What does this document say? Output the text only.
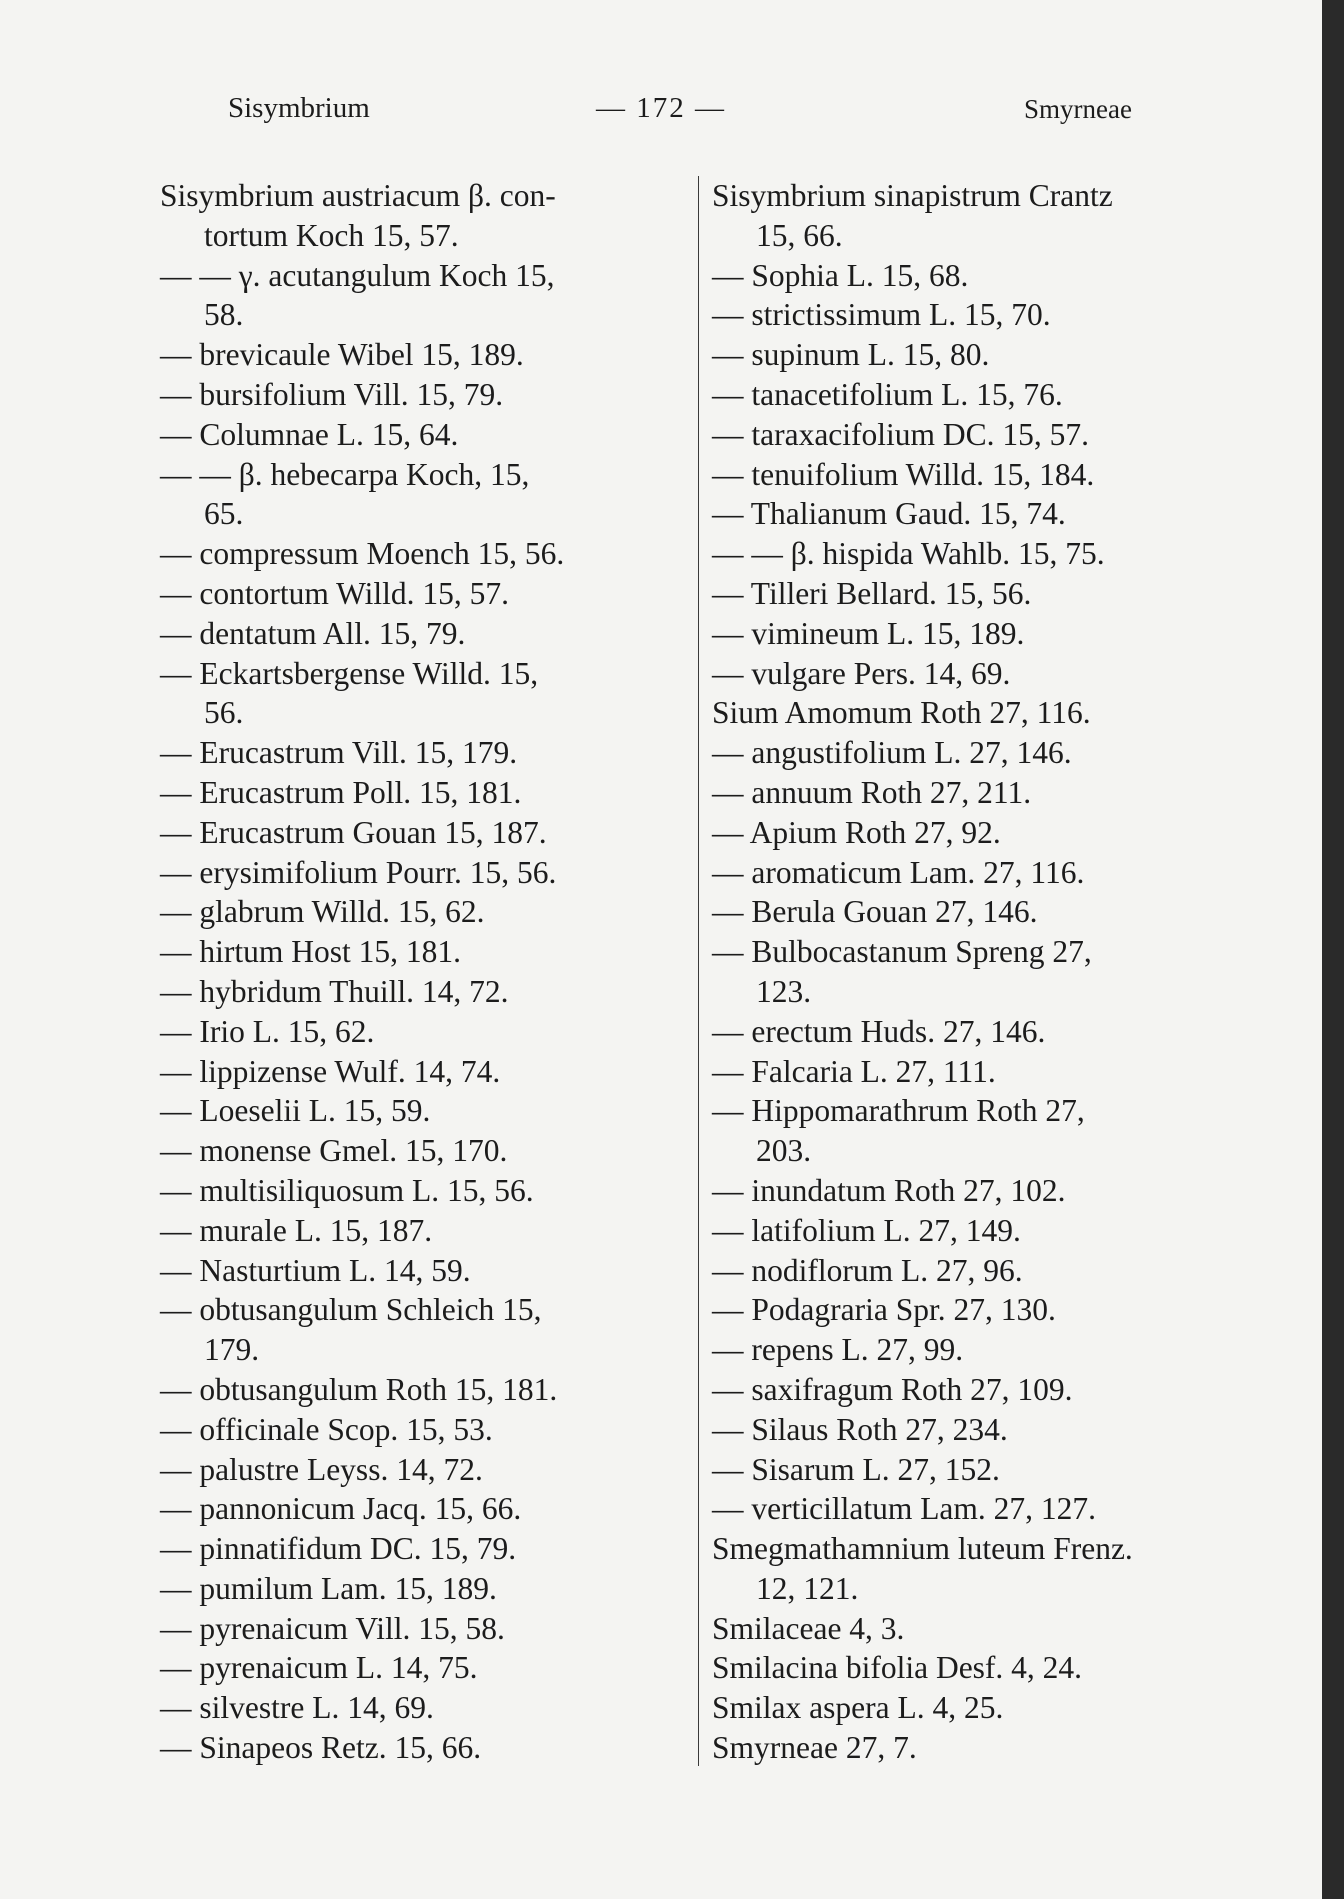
Sisymbrium	— 172 —	Smyrneae
Sisymbrium austriacum β. con-
tortum Koch 15, 57.
— — γ. acutangulum Koch 15,
58.
— brevicaule Wibel 15, 189.
— bursifolium Vill. 15, 79.
— Columnae L. 15, 64.
— — β. hebecarpa Koch, 15,
65.
— compressum Moench 15, 56.
— contortum Willd. 15, 57.
— dentatum All. 15, 79.
— Eckartsbergense Willd. 15,
56.
— Erucastrum Vill. 15, 179.
— Erucastrum Poll. 15, 181.
— Erucastrum Gouan 15, 187.
— erysimifolium Pourr. 15, 56.
— glabrum Willd. 15, 62.
— hirtum Host 15, 181.
— hybridum Thuill. 14, 72.
— Irio L. 15, 62.
— lippizense Wulf. 14, 74.
— Loeselii L. 15, 59.
— monense Gmel. 15, 170.
— multisiliquosum L. 15, 56.
— murale L. 15, 187.
— Nasturtium L. 14, 59.
— obtusangulum Schleich 15,
179.
— obtusangulum Roth 15, 181.
— officinale Scop. 15, 53.
— palustre Leyss. 14, 72.
— pannonicum Jacq. 15, 66.
— pinnatifidum DC. 15, 79.
— pumilum Lam. 15, 189.
— pyrenaicum Vill. 15, 58.
— pyrenaicum L. 14, 75.
— silvestre L. 14, 69.
— Sinapeos Retz. 15, 66.
Sisymbrium sinapistrum Crantz
15, 66.
— Sophia L. 15, 68.
— strictissimum L. 15, 70.
— supinum L. 15, 80.
— tanacetifolium L. 15, 76.
— taraxacifolium DC. 15, 57.
— tenuifolium Willd. 15, 184.
— Thalianum Gaud. 15, 74.
— — β. hispida Wahlb. 15, 75.
— Tilleri Bellard. 15, 56.
— vimineum L. 15, 189.
— vulgare Pers. 14, 69.
Sium Amomum Roth 27, 116.
— angustifolium L. 27, 146.
— annuum Roth 27, 211.
— Apium Roth 27, 92.
— aromaticum Lam. 27, 116.
— Berula Gouan 27, 146.
— Bulbocastanum Spreng 27,
123.
— erectum Huds. 27, 146.
— Falcaria L. 27, 111.
— Hippomarathrum Roth 27,
203.
— inundatum Roth 27, 102.
— latifolium L. 27, 149.
— nodiflorum L. 27, 96.
— Podagraria Spr. 27, 130.
— repens L. 27, 99.
— saxifragum Roth 27, 109.
— Silaus Roth 27, 234.
— Sisarum L. 27, 152.
— verticillatum Lam. 27, 127.
Smegmathamnium luteum Frenz.
12, 121.
Smilaceae 4, 3.
Smilacina bifolia Desf. 4, 24.
Smilax aspera L. 4, 25.
Smyrneae 27, 7.
